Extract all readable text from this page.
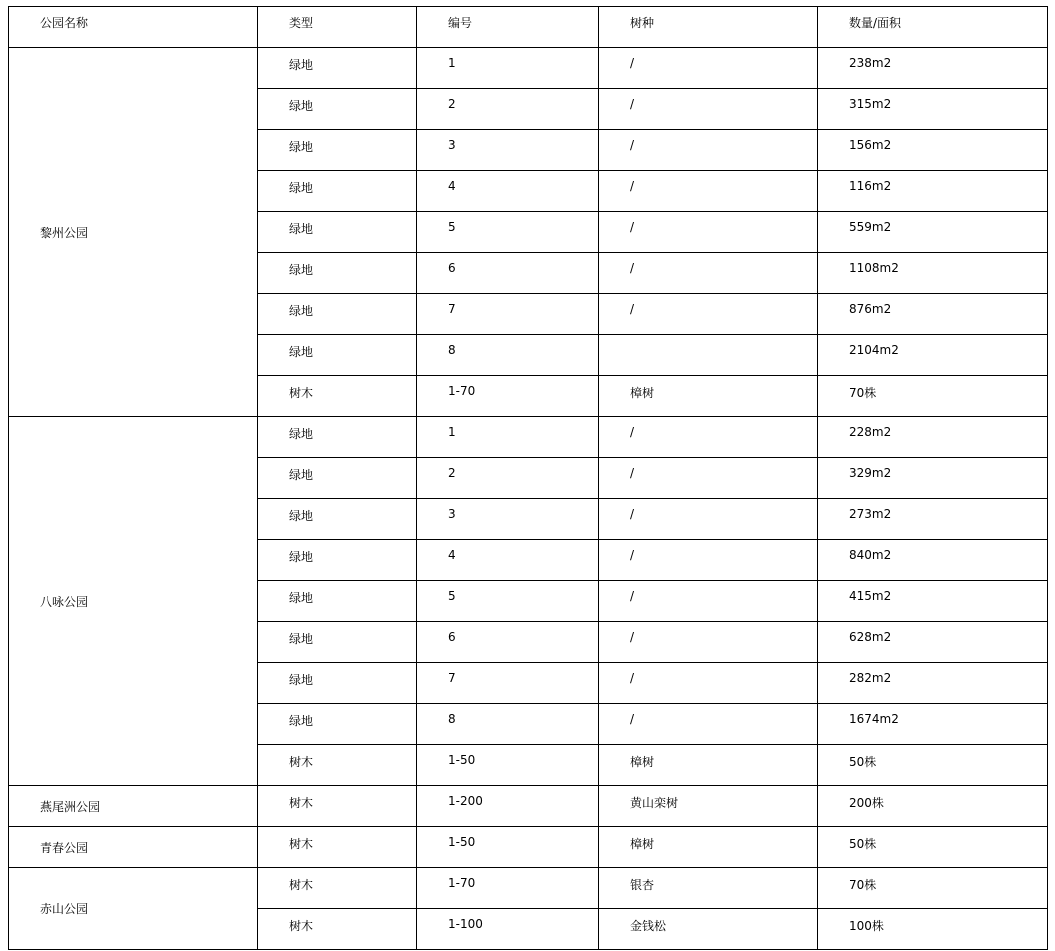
公园名称	类型	编号	树种	数量/面积
黎州公园	绿地	1	/	238m2
	绿地	2	/	315m2
	绿地	3	/	156m2
	绿地	4	/	116m2
	绿地	5	/	559m2
	绿地	6	/	1108m2
	绿地	7	/	876m2
	绿地	8		2104m2
	树木	1-70	樟树	70株
八咏公园	绿地	1	/	228m2
	绿地	2	/	329m2
	绿地	3	/	273m2
	绿地	4	/	840m2
	绿地	5	/	415m2
	绿地	6	/	628m2
	绿地	7	/	282m2
	绿地	8	/	1674m2
	树木	1-50	樟树	50株
燕尾洲公园	树木	1-200	黄山栾树	200株
青春公园	树木	1-50	樟树	50株
赤山公园	树木	1-70	银杏	70株
	树木	1-100	金钱松	100株
